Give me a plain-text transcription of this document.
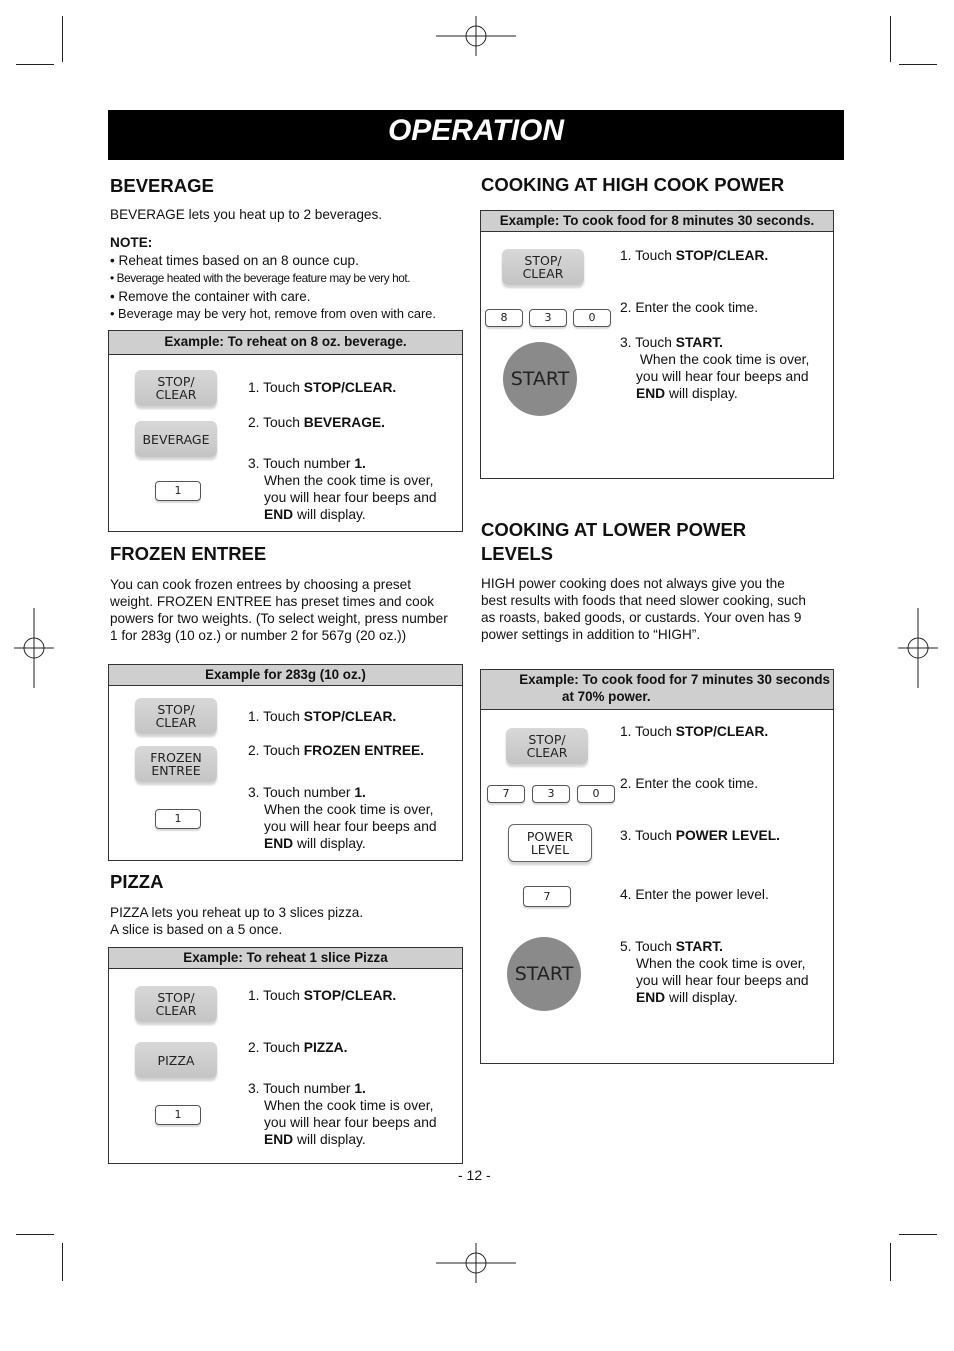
OPERATION
BEVERAGE
BEVERAGE lets you heat up to 2 beverages.
NOTE:
• Reheat times based on an 8 ounce cup.
• Beverage heated with the beverage feature may be very hot.
• Remove the container with care.
• Beverage may be very hot, remove from oven with care.
Example: To reheat on 8 oz. beverage.
STOP/
CLEAR
BEVERAGE
1
1. Touch STOP/CLEAR.
2. Touch BEVERAGE.
3. Touch number 1.
When the cook time is over,
you will hear four beeps and
END will display.
FROZEN ENTREE
You can cook frozen entrees by choosing a preset
weight. FROZEN ENTREE has preset times and cook
powers for two weights. (To select weight, press number
1 for 283g (10 oz.) or number 2 for 567g (20 oz.))
Example for 283g (10 oz.)
STOP/
CLEAR
FROZEN
ENTREE
1
1. Touch STOP/CLEAR.
2. Touch FROZEN ENTREE.
3. Touch number 1.
When the cook time is over,
you will hear four beeps and
END will display.
PIZZA
PIZZA lets you reheat up to 3 slices pizza.
A slice is based on a 5 once.
Example: To reheat 1 slice Pizza
STOP/
CLEAR
PIZZA
1
1. Touch STOP/CLEAR.
2. Touch PIZZA.
3. Touch number 1.
When the cook time is over,
you will hear four beeps and
END will display.
COOKING AT HIGH COOK POWER
Example: To cook food for 8 minutes 30 seconds.
STOP/
CLEAR
8	3	0
START
1. Touch STOP/CLEAR.
2. Enter the cook time.
3. Touch START.
When the cook time is over,
you will hear four beeps and
END will display.
COOKING AT LOWER POWER
LEVELS
HIGH power cooking does not always give you the
best results with foods that need slower cooking, such
as roasts, baked goods, or custards. Your oven has 9
power settings in addition to “HIGH”.
Example: To cook food for 7 minutes 30 seconds
at 70% power.
STOP/
CLEAR
7	3	0
POWER
LEVEL
7
START
1. Touch STOP/CLEAR.
2. Enter the cook time.
3. Touch POWER LEVEL.
4. Enter the power level.
5. Touch START.
When the cook time is over,
you will hear four beeps and
END will display.
- 12 -
